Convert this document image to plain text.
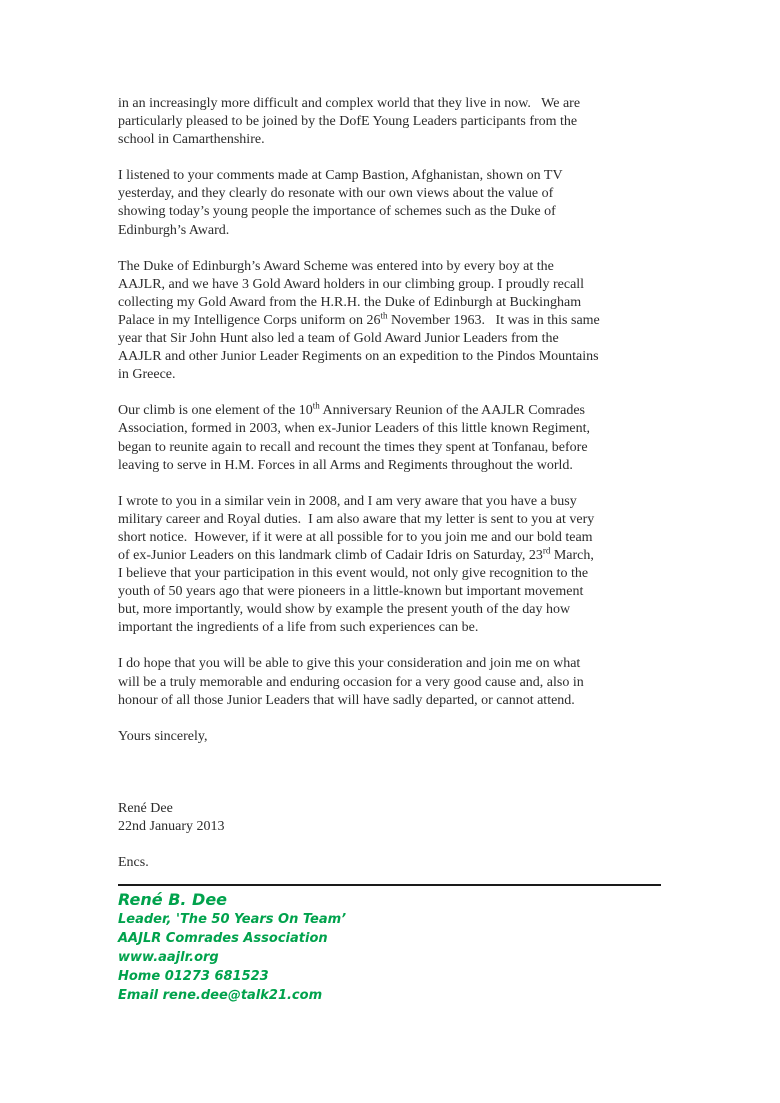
in an increasingly more difficult and complex world that they live in now.   We are
particularly pleased to be joined by the DofE Young Leaders participants from the
school in Camarthenshire.
I listened to your comments made at Camp Bastion, Afghanistan, shown on TV
yesterday, and they clearly do resonate with our own views about the value of
showing today’s young people the importance of schemes such as the Duke of
Edinburgh’s Award.
The Duke of Edinburgh’s Award Scheme was entered into by every boy at the
AAJLR, and we have 3 Gold Award holders in our climbing group. I proudly recall
collecting my Gold Award from the H.R.H. the Duke of Edinburgh at Buckingham
Palace in my Intelligence Corps uniform on 26th November 1963.   It was in this same
year that Sir John Hunt also led a team of Gold Award Junior Leaders from the
AAJLR and other Junior Leader Regiments on an expedition to the Pindos Mountains
in Greece.
Our climb is one element of the 10th Anniversary Reunion of the AAJLR Comrades
Association, formed in 2003, when ex-Junior Leaders of this little known Regiment,
began to reunite again to recall and recount the times they spent at Tonfanau, before
leaving to serve in H.M. Forces in all Arms and Regiments throughout the world.
I wrote to you in a similar vein in 2008, and I am very aware that you have a busy
military career and Royal duties.  I am also aware that my letter is sent to you at very
short notice.  However, if it were at all possible for to you join me and our bold team
of ex-Junior Leaders on this landmark climb of Cadair Idris on Saturday, 23rd March,
I believe that your participation in this event would, not only give recognition to the
youth of 50 years ago that were pioneers in a little-known but important movement
but, more importantly, would show by example the present youth of the day how
important the ingredients of a life from such experiences can be.
I do hope that you will be able to give this your consideration and join me on what
will be a truly memorable and enduring occasion for a very good cause and, also in
honour of all those Junior Leaders that will have sadly departed, or cannot attend.
Yours sincerely,
René Dee
22nd January 2013
Encs.
René B. Dee
Leader, 'The 50 Years On Team’
AAJLR Comrades Association
www.aajlr.org
Home 01273 681523
Email rene.dee@talk21.com
